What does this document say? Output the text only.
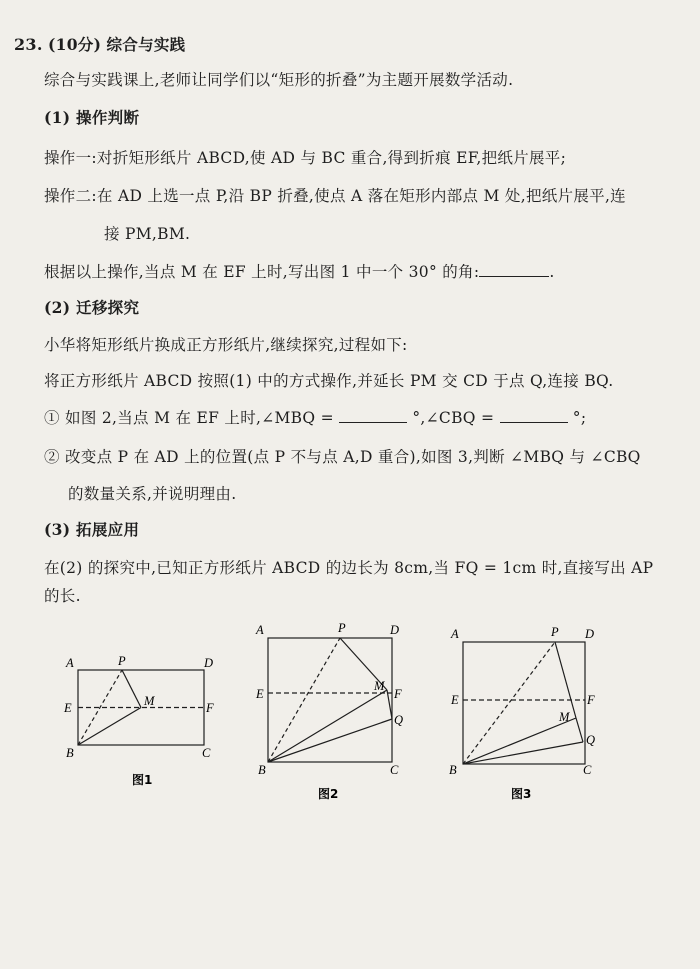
23. (10分) 综合与实践
综合与实践课上,老师让同学们以“矩形的折叠”为主题开展数学活动.
(1) 操作判断
操作一:对折矩形纸片 ABCD,使 AD 与 BC 重合,得到折痕 EF,把纸片展平;
操作二:在 AD 上选一点 P,沿 BP 折叠,使点 A 落在矩形内部点 M 处,把纸片展平,连
接 PM,BM.
根据以上操作,当点 M 在 EF 上时,写出图 1 中一个 30° 的角:	.
(2) 迁移探究
小华将矩形纸片换成正方形纸片,继续探究,过程如下:
将正方形纸片 ABCD 按照(1) 中的方式操作,并延长 PM 交 CD 于点 Q,连接 BQ.
① 如图 2,当点 M 在 EF 上时,∠MBQ =	°,∠CBQ =	°;
② 改变点 P 在 AD 上的位置(点 P 不与点 A,D 重合),如图 3,判断 ∠MBQ 与 ∠CBQ
的数量关系,并说明理由.
(3) 拓展应用
在(2) 的探究中,已知正方形纸片 ABCD 的边长为 8cm,当 FQ = 1cm 时,直接写出 AP
的长.
A	P	D
E	M	F
B	C
图1
A	P	D
E
M
F
Q
B	C
图2
A	P D
E	F
M
Q
B	C
图3
